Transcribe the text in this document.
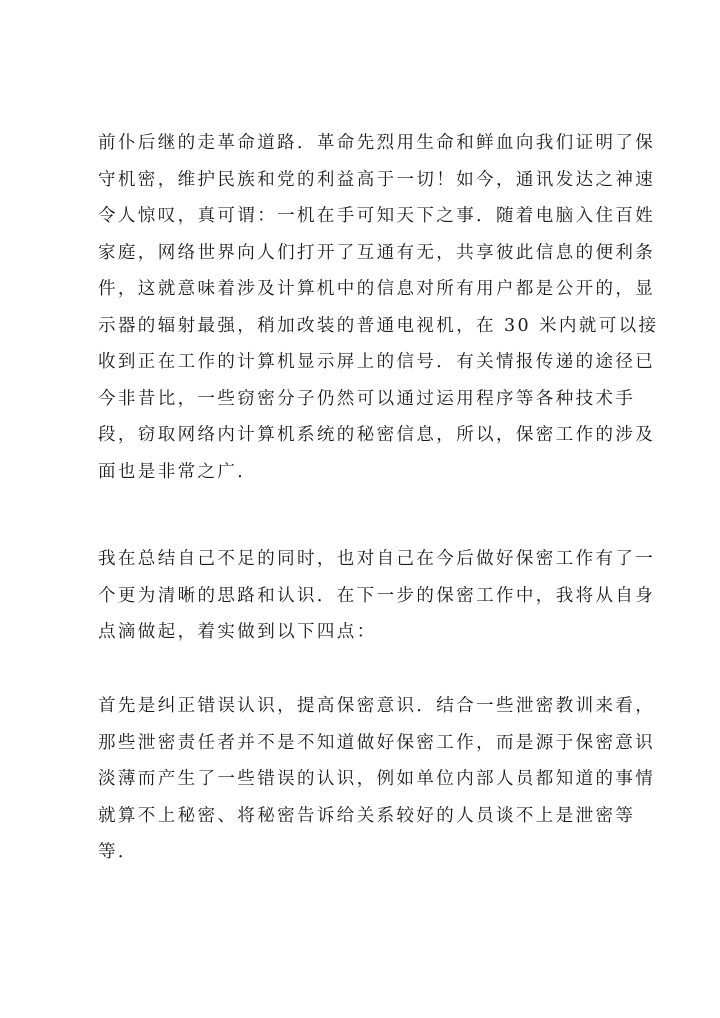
前仆后继的走革命道路．革命先烈用生命和鲜血向我们证明了保
守机密，维护民族和党的利益高于一切！如今，通讯发达之神速
令人惊叹，真可谓：一机在手可知天下之事．随着电脑入住百姓
家庭，网络世界向人们打开了互通有无，共享彼此信息的便利条
件，这就意味着涉及计算机中的信息对所有用户都是公开的，显
示器的辐射最强，稍加改装的普通电视机，在 30 米内就可以接
收到正在工作的计算机显示屏上的信号．有关情报传递的途径已
今非昔比，一些窃密分子仍然可以通过运用程序等各种技术手
段，窃取网络内计算机系统的秘密信息，所以，保密工作的涉及
面也是非常之广．
我在总结自己不足的同时，也对自己在今后做好保密工作有了一
个更为清晰的思路和认识．在下一步的保密工作中，我将从自身
点滴做起，着实做到以下四点：
首先是纠正错误认识，提高保密意识．结合一些泄密教训来看，
那些泄密责任者并不是不知道做好保密工作，而是源于保密意识
淡薄而产生了一些错误的认识，例如单位内部人员都知道的事情
就算不上秘密、将秘密告诉给关系较好的人员谈不上是泄密等
等．
